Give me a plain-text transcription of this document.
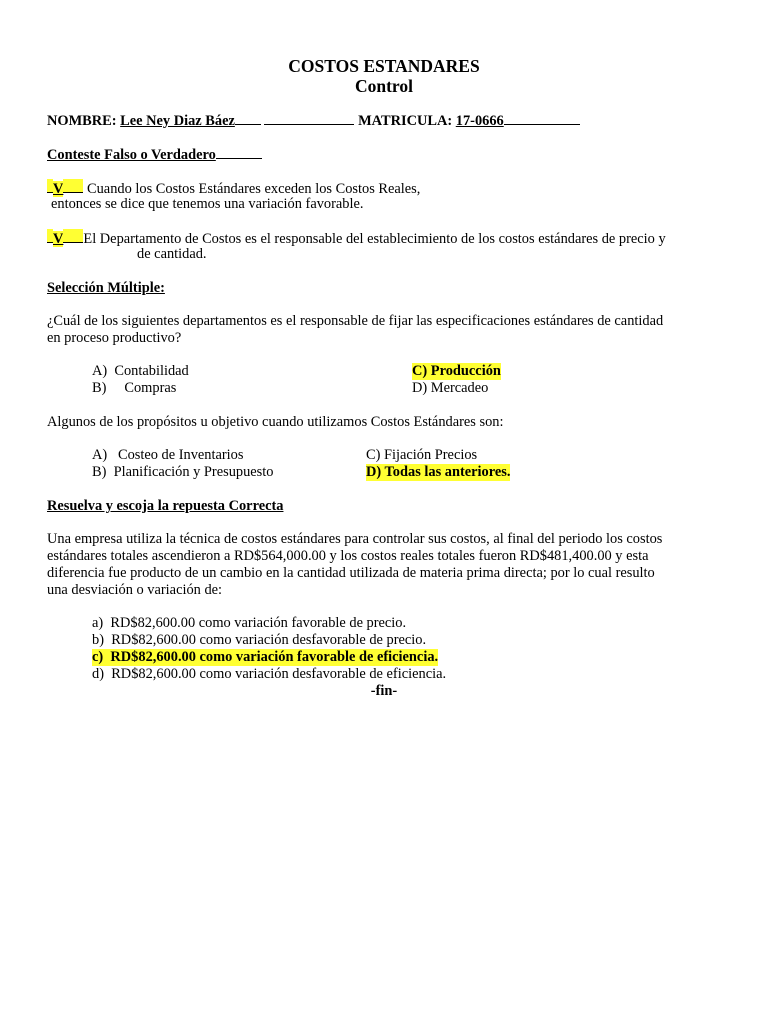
COSTOS ESTANDARES
Control
NOMBRE: Lee Ney Diaz Báez	MATRICULA: 17-0666
Conteste Falso o Verdadero
V Cuando los Costos Estándares exceden los Costos Reales,
entonces se dice que tenemos una variación favorable.
V El Departamento de Costos es el responsable del establecimiento de los costos estándares de precio y
de cantidad.
Selección Múltiple:
¿Cuál de los siguientes departamentos es el responsable de fijar las especificaciones estándares de cantidad
en proceso productivo?
A) Contabilidad
B) Compras
C) Producción
D) Mercadeo
Algunos de los propósitos u objetivo cuando utilizamos Costos Estándares son:
A) Costeo de Inventarios
B) Planificación y Presupuesto
C) Fijación Precios
D) Todas las anteriores.
Resuelva y escoja la repuesta Correcta
Una empresa utiliza la técnica de costos estándares para controlar sus costos, al final del periodo los costos
estándares totales ascendieron a RD$564,000.00 y los costos reales totales fueron RD$481,400.00 y esta
diferencia fue producto de un cambio en la cantidad utilizada de materia prima directa; por lo cual resulto
una desviación o variación de:
a) RD$82,600.00 como variación favorable de precio.
b) RD$82,600.00 como variación desfavorable de precio.
c) RD$82,600.00 como variación favorable de eficiencia.
d) RD$82,600.00 como variación desfavorable de eficiencia.
-fin-
